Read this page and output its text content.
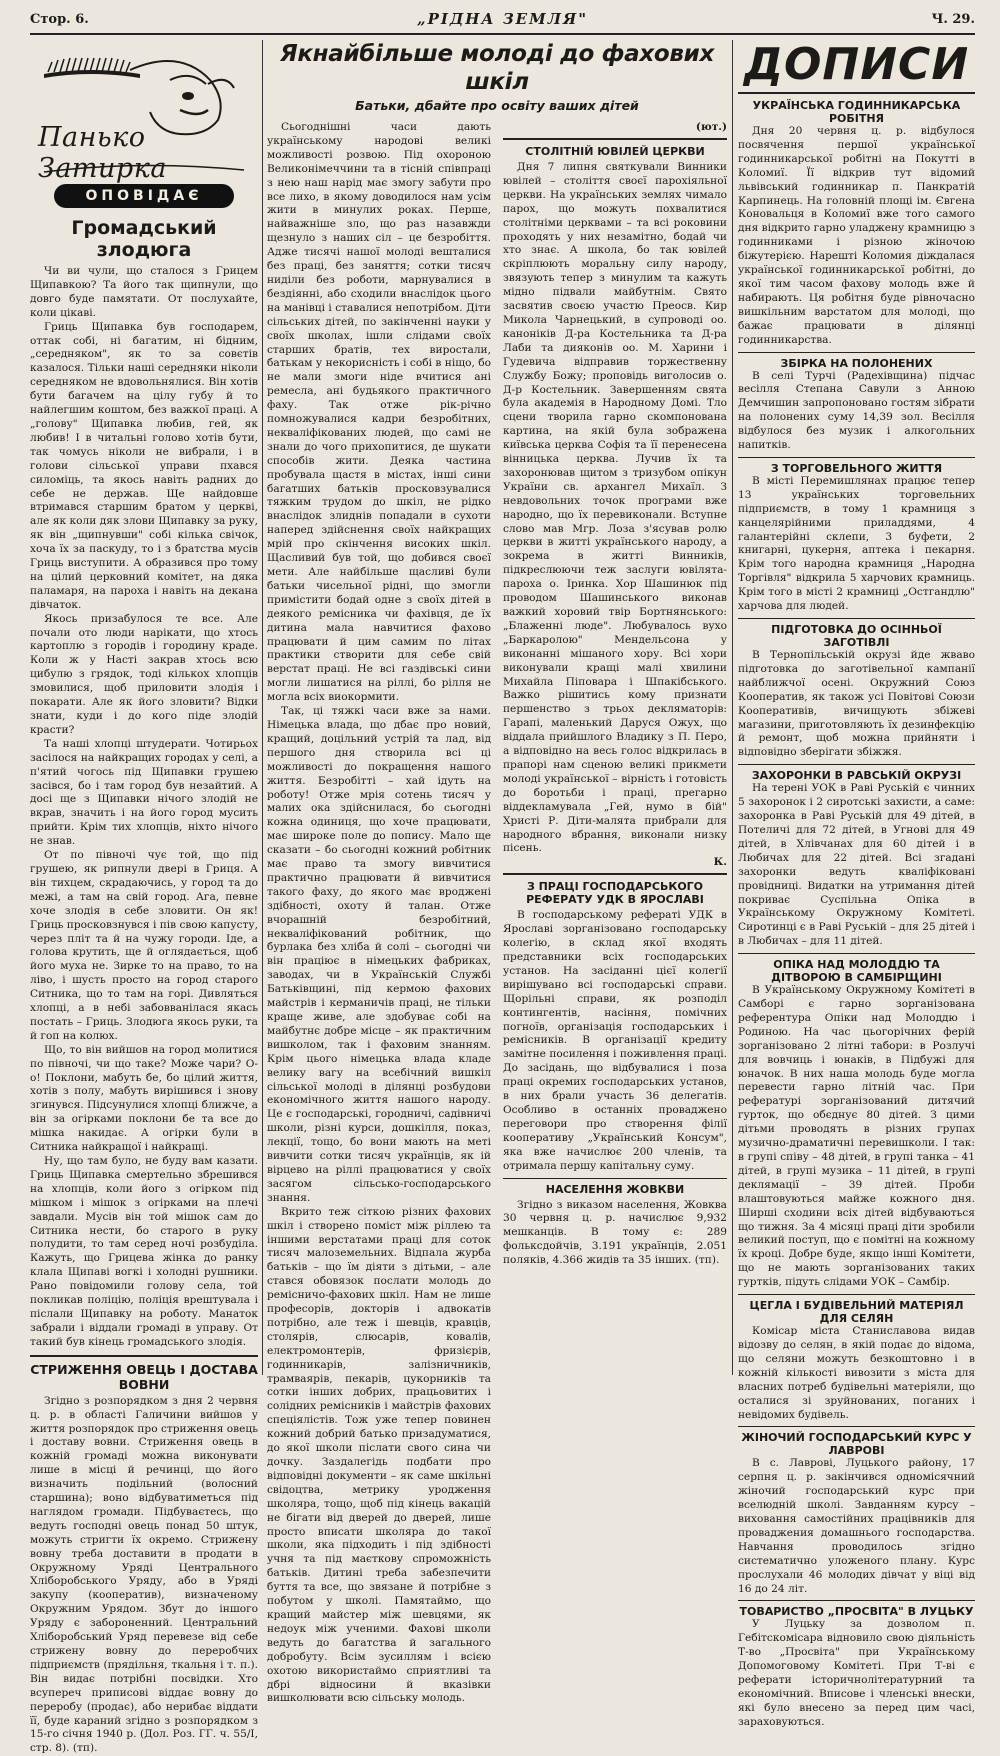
Стор. 6.	„РІДНА ЗЕМЛЯ"	Ч. 29.
Панько Затирка
ОПОВІДАЄ
Громадський злодюга

Чи ви чули, що сталося з Грицем Щипавкою? Та його так щипнули, що довго буде памятати. От послухайте, коли цікаві.

Гриць Щипавка був господарем, оттак собі, ні багатим, ні бідним, „середняком", як то за совєтів казалося. Тільки наші середняки ніколи середняком не вдовольнялися. Він хотів бути багачем на цілу губу й то найлегшим коштом, без важкої праці. А „голову" Щипавка любив, гей, як любив! І в читальні голово хотів бути, так чомусь ніколи не вибрали, і в голови сільської управи пхався силоміць, та якось навіть радних до себе не держав. Ще найдовше втримався старшим братом у церкві, але як коли дяк злови Щипавку за руку, як він „щипнувши" собі кілька свічок, хоча їх за паскуду, то і з братства мусів Гриць виступити. А образився про тому на цілий церковний комітет, на дяка паламаря, на пароха і навіть на декана дівчаток.

Якось призабулося те все. Але почали ото люди нарікати, що хтось картоплю з городів і городину краде. Коли ж у Насті закрав хтось всю цибулю з грядок, тоді кількох хлопців змовилися, щоб приловити злодія і покарати. Але як його зловити? Відки знати, куди і до кого піде злодій красти?

Та наші хлопці штудерати. Чотирьох засілося на найкращих городах у селі, а п'ятий чогось під Щипавки грушею засівся, бо і там город був незайтий. А досі ще з Щипавки нічого злодій не вкрав, значить і на його город мусить прийти. Крім тих хлопців, ніхто нічого не знав.

От по півночі чує той, що під грушею, як рипнули двері в Гриця. А він тихцем, скрадаючись, у город та до межі, а там на свій город. Ага, певне хоче злодія в себе зловити. Он як! Гриць просковзнувся і пів свою капусту, через пліт та й на чужу городи. Іде, а голова крутить, ще й оглядається, щоб його муха не. Зирке то на право, то на ліво, і шусть просто на город старого Ситника, що то там на горі. Дивляться хлопці, а в небі забовванілася якась постать – Гриць. Злодюга якось руки, та й гоп на колюх.

Що, то він вийшов на город молитися по півночі, чи що таке? Може чари? О-о! Поклони, мабуть бе, бо цілий життя, хотів з полу, мабуть вирішився і знову згинувся. Підсунулися хлопці ближче, а він за огірками поклони бе та все до мішка накидає. А огірки були в Ситника найкращої і найкращі.

Ну, що там було, не буду вам казати. Гриць Щипавка смертельно збрешився на хлопців, коли його з огірком під мішком і мішок з огірками на плечі завдали. Мусів він той мішок сам до Ситника нести, бо старого в руку полудити, то там серед ночі розбуділа. Кажуть, що Грицева жінка до ранку клала Щипаві вогкі і холодні рушники. Рано повідомили голову села, той покликав поліцію, поліція врештувала і післали Щипавку на роботу. Манаток забрали і віддали громаді в управу. От такий був кінець громадського злодія.

СТРИЖЕННЯ ОВЕЦЬ І ДОСТАВА ВОВНИ

Згідно з розпорядком з дня 2 червня ц. р. в області Галичини вийшов у життя розпорядок про стриження овець і доставу вовни. Стриження овець в кожній громаді можна виконувати лише в місці й речинці, що його визначить подільний (волосний старшина); воно відбуватиметься під наглядом громади. Підбуваєтесь, що ведуть господні овець понад 50 штук, можуть стригти їх окремо. Стрижену вовну треба доставити в продати в Окружному Уряді Центрального Хліборобського Уряду, або в Уряді закупу (кооператив), визначеному Окружним Урядом. Збут до іншого Уряду є забороненний. Центральний Хліборобський Уряд перевезе від себе стрижену вовну до переробчих підприємств (прядільня, ткальня і т. п.). Він видає потрібні посвідки. Хто всупереч приписові віддає вовну до переробу (продає), або нерибає віддати її, буде караний згідно з розпорядком з 15-го січня 1940 р. (Дол. Роз. ГГ. ч. 55/І, стр. 8). (тп).

Якнайбільше молоді до фахових шкіл
Батьки, дбайте про освіту ваших дітей

Сьогоднішні часи дають українському народові великі можливості розвою. Під охороною Великонімеччини та в тісній співпраці з нею наш нарід має змогу забути про все лихо, в якому доводилося нам усім жити в минулих роках. Перше, найважніше зло, що раз назавжди щезнуло з наших сіл – це безробіття. Адже тисячі нашої молоді вешталися без праці, без заняття; сотки тисяч ниділи без роботи, марнувалися в бездіянні, або сходили внаслідок цього на манівці і ставалися непотрібом. Діти сільських дітей, по закінченні науки у своїх школах, ішли слідами своїх старших братів, тех виростали, батькам у некорисність і собі в ніщо, бо не мали змоги ніде вчитися ані ремесла, ані будьякого практичного фаху. Так отже рік-річно помножувалися кадри безробітних, некваліфікованих людей, що самі не знали до чого прихопитися, де шукати способів жити. Деяка частина пробувала щастя в містах, інші сини багатших батьків просковзувалися тяжким трудом до шкіл, не рідко внаслідок злиднів попадали в сухоти наперед здійснення своїх найкращих мрій про скінчення високих шкіл. Щасливий був той, що добився своєї мети. Але найбільше щасливі були батьки чисельної рідні, що змогли примістити бодай одне з своїх дітей в деякого ремісника чи фахівця, де їх дитина мала навчитися фахово працювати й цим самим по літах практики створити для себе свій верстат праці. Не всі газдівські сини могли лишатися на ріллі, бо рілля не могла всіх виокормити.

Так, ці тяжкі часи вже за нами. Німецька влада, що дбає про новий, кращий, доцільний устрій та лад, від першого дня створила всі ці можливості до покращення нашого життя. Безробітті – хай ідуть на роботу! Отже мрія сотень тисяч у малих ока здійснилася, бо сьогодні кожна одиниця, що хоче працювати, має широке поле до попису. Мало ще сказати – бо сьогодні кожний робітник має право та змогу вивчитися практично працювати й вивчитися такого фаху, до якого має вроджені здібності, охоту й талан. Отже вчорашній безробітний, некваліфікований робітник, що бурлака без хліба й солі – сьогодні чи він праціює в німецьких фабриках, заводах, чи в Українській Службі Батьківщині, під кермою фахових майстрів і керманичів праці, не тільки краще живе, але здобуває собі на майбутнє добре місце – як практичним вишколом, так і фаховим знанням. Крім цього німецька влада кладе велику вагу на всебічний вишкіл сільської молоді в ділянці розбудови економічного життя нашого народу. Це є господарські, городничі, садівничі школи, різні курси, дошкілля, показ, лекції, тощо, бо вони мають на меті вивчити сотки тисяч українців, як ій вірцево на ріллі працюватися у своїх засягом сільсько-господарського знання.

Вкрито теж сіткою різних фахових шкіл і створено поміст між ріллею та іншими верстатами праці для соток тисяч малоземельних. Відпала журба батьків – що їм діяти з дітьми, – але стався обовязок послати молодь до ремісничо-фахових шкіл. Нам не лише професорів, докторів і адвокатів потрібно, але теж і шевців, кравців, столярів, слюсарів, ковалів, електромонтерів, фризієрів, годинникарів, залізничників, трамваярів, пекарів, цукорників та сотки інших добрих, працьовитих і солідних ремісників і майстрів фахових спеціялістів. Тож уже тепер повинен кожний добрий батько призадуматися, до якої школи післати свого сина чи дочку. Заздалегідь подбати про відповідні документи – як саме шкільні свідоцтва, метрику уродження школяра, тощо, щоб під кінець вакацій не бігати від дверей до дверей, лише просто вписати школяра до такої школи, яка підходить і під здібності учня та під маєткову спроможність батьків. Дитині треба забезпечити буття та все, що звязане й потрібне з побутом у школі. Памятаймо, що кращий майстер між шевцями, як недоук між ученими. Фахові школи ведуть до багатства й загального добробуту. Всім зусиллям і всією охотою використаймо сприятливі та дбрі відносини й вказівки вишколювати всю сільську молодь.

(ют.)
СТОЛІТНІЙ ЮВІЛЕЙ ЦЕРКВИ

Дня 7 липня святкували Винники ювілей – століття своєї парохіяльної церкви. На українських землях чимало парох, що можуть похвалитися столітніми церквами – та всі роковини проходять у них незамітно, бодай чи хто знає. А школа, бо так ювілей скріплюють моральну силу народу, звязують тепер з минулим та кажуть мідно підвали майбутнім. Свято засвятив своєю участю Преосв. Кир Микола Чарнецький, в супроводі оо. каноніків Д-ра Костельника та Д-ра Лаби та дияконів оо. М. Харини і Гудевича відправив торжественну Службу Божу; проповідь виголосив о. Д-р Костельник. Завершенням свята була академія в Народному Домі. Тло сцени творила гарно скомпонована картина, на якій була зображена київська церква Софія та її перенесена вінницька церква. Лучив їх та захоронював щитом з тризубом опікун України св. архангел Михаїл. З невдовольних точок програми вже народно, що їх перевиконали. Вступне слово мав Мгр. Лоза з'ясував ролю церкви в житті українського народу, а зокрема в житті Винників, підкреслюючи теж заслуги ювілята-пароха о. Іринка. Хор Шашинюк під проводом Шашинського виконав важкий хоровий твір Бортнянського: „Блаженні люде". Любувалось вухо „Баркаролою" Мендельсона у виконанні мішаного хору. Всі хори виконували кращі малі хвилини Михайла Піповара і Шпакібського. Важко рішитись кому признати першенство з трьох декляматорів: Гарапі, маленький Даруся Ожух, що віддала прийшлого Владику з Π. Перо, а відповідно на весь голос відкрилась в прапорі нам сценою великі прикмети молоді української – вірність і готовість до боротьби і праці, прегарно віддекламувала „Гей, нумо в бій" Христі Р. Діти-малята прибрали для народного вбрання, виконали низку пісень.

К.
З ПРАЦІ ГОСПОДАРСЬКОГО РЕФЕРАТУ УДК В ЯРОСЛАВІ

В господарському рефераті УДК в Ярославі зорганізовано господарську колегію, в склад якої входять представники всіх господарських установ. На засіданні цієї колегії вирішувано всі господарські справи. Щорільні справи, як розподіл контингентів, насіння, помічних погноїв, організація господарських і ремісників. В організації кредиту замітне посилення і поживлення праці. До засідань, що відбувалися і поза праці окремих господарських установ, в них брали участь 36 делегатів. Особливо в останніх проваджено переговори про створення філії кооперативу „Український Консум", яка вже начислює 200 членів, та отримала першу капітальну суму.

НАСЕЛЕННЯ ЖОВКВИ

Згідно з виказом населення, Жовква 30 червня ц. р. начислює 9,932 мешканців. В тому є: 289 фольксдойчів, 3.191 українців, 2.051 поляків, 4.366 жидів та 35 інших. (тп).

ДОПИСИ
УКРАЇНСЬКА ГОДИННИКАРСЬКА РОБІТНЯ

Дня 20 червня ц. р. відбулося посвячення першої української годинникарської робітні на Покутті в Коломиї. Її відкрив тут відомий львівський годинникар п. Панкратій Карпинець. На головній площі ім. Євгена Коновальця в Коломиї вже того самого дня відкрито гарно уладжену крамницю з годинниками і різною жіночою біжутерією. Нарешті Коломия діждалася української годинникарської робітні, до якої тим часом фахову молодь вже й набирають. Ця робітня буде рівночасно вишкільним варстатом для молоді, що бажає працювати в ділянці годинникарства.

ЗБІРКА НА ПОЛОНЕНИХ

В селі Турчі (Радехівщина) підчас весілля Степана Савули з Анною Демчишин запропоновано гостям зібрати на полонених суму 14,39 зол. Весілля відбулося без музик і алкогольних напитків.

З ТОРГОВЕЛЬНОГО ЖИТТЯ

В місті Перемишлянах працює тепер 13 українських торговельних підприємств, в тому 1 крамниця з канцелярійними приладдями, 4 галантерійні склепи, 3 буфети, 2 книгарні, цукерня, аптека і пекарня. Крім того народна крамниця „Народна Торгівля" відкрила 5 харчових крамниць. Крім того в місті 2 крамниці „Остгандлю" харчова для людей.

ПІДГОТОВКА ДО ОСІННЬОЇ ЗАГОТІВЛІ

В Тернопільській окрузі йде жваво підготовка до заготівельної кампанії найближчої осені. Окружний Союз Кооператив, як також усі Повітові Союзи Кооперативів, вичищують збіжеві магазини, приготовляють їх дезинфекцію й ремонт, щоб можна прийняти і відповідно зберігати збіжжя.

ЗАХОРОНКИ В РАВСЬКІЙ ОКРУЗІ

На терені УОК в Раві Руській є чинних 5 захоронок і 2 сиротські захисти, а саме: захоронка в Раві Руській для 49 дітей, в Потеличі для 72 дітей, в Угнові для 49 дітей, в Хлівчанах для 60 дітей і в Любичах для 22 дітей. Всі згадані захоронки ведуть кваліфіковані провідниці. Видатки на утримання дітей покриває Суспільна Опіка в Українському Окружному Комітеті. Сиротинці є в Раві Руській – для 25 дітей і в Любичах – для 11 дітей.

ОПІКА НАД МОЛОДДЮ ТА ДІТВОРОЮ В САМБІРЩИНІ

В Українському Окружному Комітеті в Самборі є гарно зорганізована референтура Опіки над Молоддю і Родиною. На час цьогорічних ферій зорганізовано 2 літні табори: в Розлучі для вовчиць і юнаків, в Підбужі для юначок. В них наша молодь буде могла перевести гарно літній час. При рефературі зорганізований дитячий гурток, що обєднує 80 дітей. З цими дітьми проводять в різних групах музично-драматичні перевишколи. І так: в групі співу – 48 дітей, в групі танка – 41 дітей, в групі музика – 11 дітей, в групі деклямації – 39 дітей. Проби влаштовуються майже кожного дня. Ширші сходини всіх дітей відбуваються що тижня. За 4 місяці праці діти зробили великий поступ, що є помітні на кожному їх кроці. Добре буде, якщо інші Комітети, що не мають зорганізованих таких гуртків, підуть слідами УОК – Самбір.

ЦЕГЛА І БУДІВЕЛЬНИЙ МАТЕРІЯЛ ДЛЯ СЕЛЯН

Комісар міста Станиславова видав відозву до селян, в якій подає до відома, що селяни можуть безкоштовно і в кожній кількості вивозити з міста для власних потреб будівельні матеріяли, що осталися зі зруйнованих, поганих і невідомих будівель.

ЖІНОЧИЙ ГОСПОДАРСЬКИЙ КУРС У ЛАВРОВІ

В с. Лаврові, Луцького району, 17 серпня ц. р. закінчився одномісячний жіночий господарський курс при вселюдній школі. Завданням курсу – виховання самостійних працівників для проваджения домашнього господарства. Навчання проводилось згідно систематично уложеного плану. Курс прослухали 46 молодих дівчат у віці від 16 до 24 літ.

ТОВАРИСТВО „ПРОСВІТА" В ЛУЦЬКУ

У Луцьку за дозволом п. Гебітскомісара відновило свою діяльність Т-во „Просвіта" при Українському Допомоговому Комітеті. При Т-ві є реферати історичнолітературний та економічний. Вписове і членські внески, які було внесено за перед цим часі, зараховуються.
